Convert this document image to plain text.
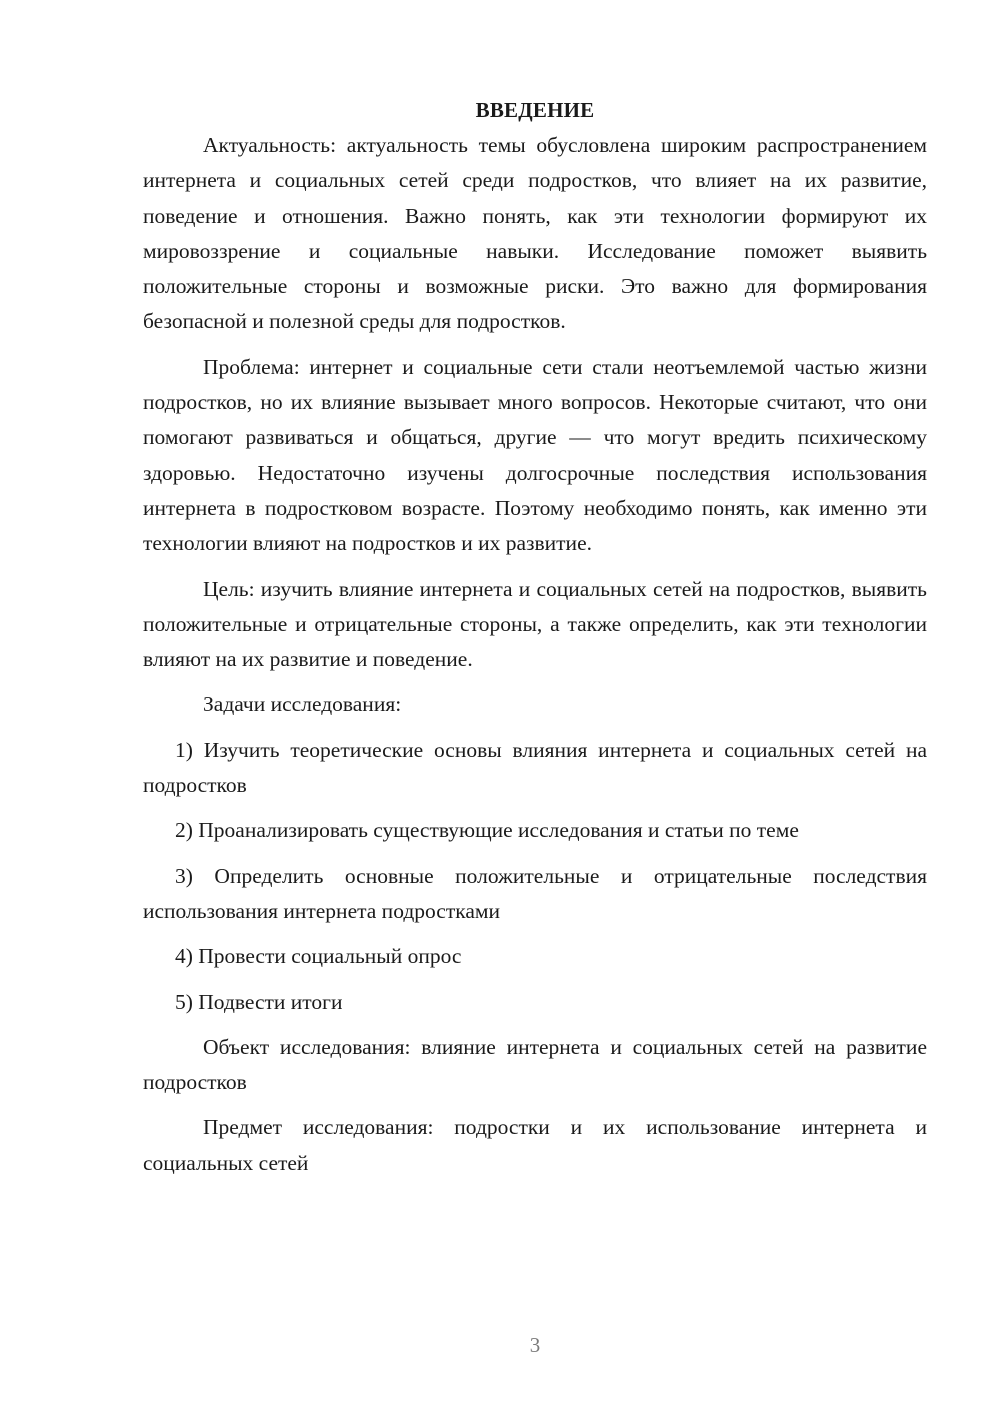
ВВЕДЕНИЕ

Актуальность: актуальность темы обусловлена широким распространением интернета и социальных сетей среди подростков, что влияет на их развитие, поведение и отношения. Важно понять, как эти технологии формируют их мировоззрение и социальные навыки. Исследование поможет выявить положительные стороны и возможные риски. Это важно для формирования безопасной и полезной среды для подростков.

Проблема: интернет и социальные сети стали неотъемлемой частью жизни подростков, но их влияние вызывает много вопросов. Некоторые считают, что они помогают развиваться и общаться, другие — что могут вредить психическому здоровью. Недостаточно изучены долгосрочные последствия использования интернета в подростковом возрасте. Поэтому необходимо понять, как именно эти технологии влияют на подростков и их развитие.

Цель: изучить влияние интернета и социальных сетей на подростков, выявить положительные и отрицательные стороны, а также определить, как эти технологии влияют на их развитие и поведение.

Задачи исследования:

1) Изучить теоретические основы влияния интернета и социальных сетей на подростков

2) Проанализировать существующие исследования и статьи по теме

3) Определить основные положительные и отрицательные последствия использования интернета подростками

4) Провести социальный опрос

5) Подвести итоги

Объект исследования: влияние интернета и социальных сетей на развитие подростков

Предмет исследования: подростки и их использование интернета и социальных сетей

3
